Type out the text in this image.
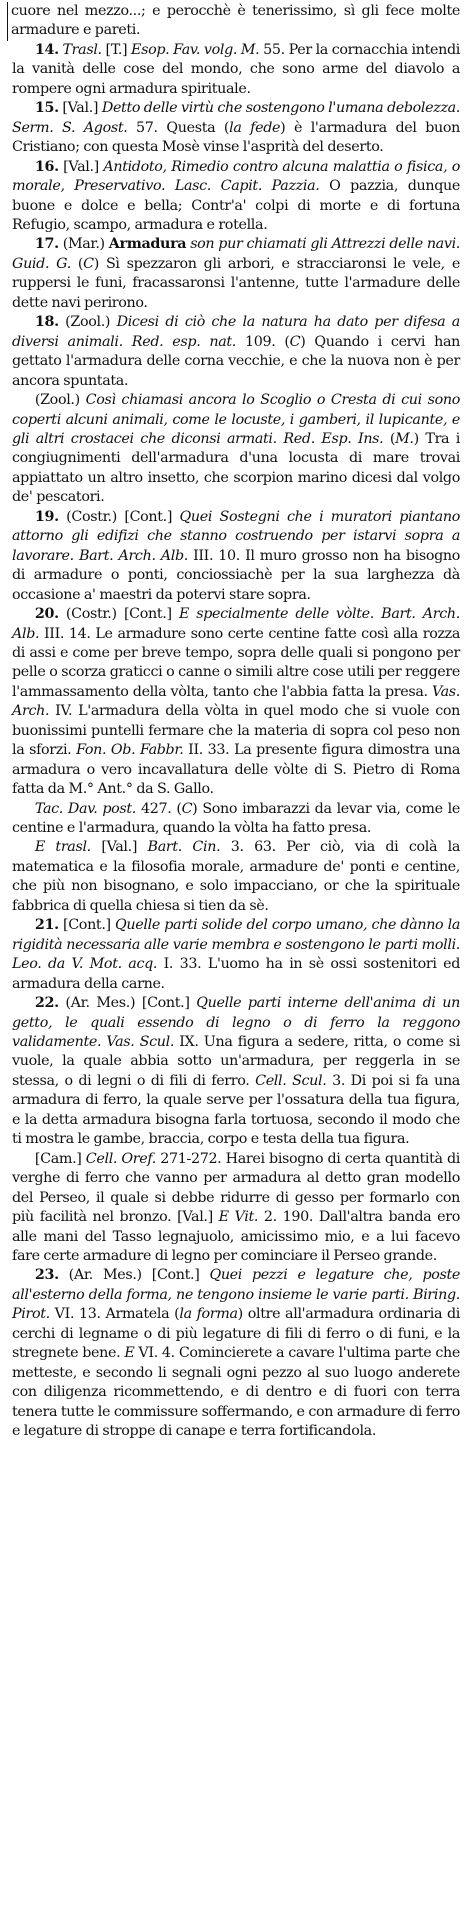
cuore nel mezzo...; e perocchè è tenerissimo, sì gli fece molte armadure e pareti.

14. Trasl. [T.] Esop. Fav. volg. M. 55. Per la cornacchia intendi la vanità delle cose del mondo, che sono arme del diavolo a rompere ogni armadura spirituale.

15. [Val.] Detto delle virtù che sostengono l'umana debolezza. Serm. S. Agost. 57. Questa (la fede) è l'armadura del buon Cristiano; con questa Mosè vinse l'asprità del deserto.

16. [Val.] Antidoto, Rimedio contro alcuna malattia o fisica, o morale, Preservativo. Lasc. Capit. Pazzia. O pazzia, dunque buone e dolce e bella; Contr'a' colpi di morte e di fortuna Refugio, scampo, armadura e rotella.

17. (Mar.) Armadura son pur chiamati gli Attrezzi delle navi. Guid. G. (C) Sì spezzaron gli arbori, e stracciaronsi le vele, e ruppersi le funi, fracassaronsi l'antenne, tutte l'armadure delle dette navi perirono.

18. (Zool.) Dicesi di ciò che la natura ha dato per difesa a diversi animali. Red. esp. nat. 109. (C) Quando i cervi han gettato l'armadura delle corna vecchie, e che la nuova non è per ancora spuntata.

(Zool.) Così chiamasi ancora lo Scoglio o Cresta di cui sono coperti alcuni animali, come le locuste, i gamberi, il lupicante, e gli altri crostacei che diconsi armati. Red. Esp. Ins. (M.) Tra i congiugnimenti dell'armadura d'una locusta di mare trovai appiattato un altro insetto, che scorpion marino dicesi dal volgo de' pescatori.

19. (Costr.) [Cont.] Quei Sostegni che i muratori piantano attorno gli edifizi che stanno costruendo per istarvi sopra a lavorare. Bart. Arch. Alb. III. 10. Il muro grosso non ha bisogno di armadure o ponti, conciossiachè per la sua larghezza dà occasione a' maestri da potervi stare sopra.

20. (Costr.) [Cont.] E specialmente delle vòlte. Bart. Arch. Alb. III. 14. Le armadure sono certe centine fatte così alla rozza di assi e come per breve tempo, sopra delle quali si pongono per pelle o scorza graticci o canne o simili altre cose utili per reggere l'ammassamento della vòlta, tanto che l'abbia fatta la presa. Vas. Arch. IV. L'armadura della vòlta in quel modo che si vuole con buonissimi puntelli fermare che la materia di sopra col peso non la sforzi. Fon. Ob. Fabbr. II. 33. La presente figura dimostra una armadura o vero incavallatura delle vòlte di S. Pietro di Roma fatta da M.° Ant.° da S. Gallo.

Tac. Dav. post. 427. (C) Sono imbarazzi da levar via, come le centine e l'armadura, quando la vòlta ha fatto presa.

E trasl. [Val.] Bart. Cin. 3. 63. Per ciò, via di colà la matematica e la filosofia morale, armadure de' ponti e centine, che più non bisognano, e solo impacciano, or che la spirituale fabbrica di quella chiesa si tien da sè.

21. [Cont.] Quelle parti solide del corpo umano, che dànno la rigidità necessaria alle varie membra e sostengono le parti molli. Leo. da V. Mot. acq. I. 33. L'uomo ha in sè ossi sostenitori ed armadura della carne.

22. (Ar. Mes.) [Cont.] Quelle parti interne dell'anima di un getto, le quali essendo di legno o di ferro la reggono validamente. Vas. Scul. IX. Una figura a sedere, ritta, o come si vuole, la quale abbia sotto un'armadura, per reggerla in se stessa, o di legni o di fili di ferro. Cell. Scul. 3. Di poi si fa una armadura di ferro, la quale serve per l'ossatura della tua figura, e la detta armadura bisogna farla tortuosa, secondo il modo che ti mostra le gambe, braccia, corpo e testa della tua figura.

[Cam.] Cell. Oref. 271-272. Harei bisogno di certa quantità di verghe di ferro che vanno per armadura al detto gran modello del Perseo, il quale si debbe ridurre di gesso per formarlo con più facilità nel bronzo. [Val.] E Vit. 2. 190. Dall'altra banda ero alle mani del Tasso legnajuolo, amicissimo mio, e a lui facevo fare certe armadure di legno per cominciare il Perseo grande.

23. (Ar. Mes.) [Cont.] Quei pezzi e legature che, poste all'esterno della forma, ne tengono insieme le varie parti. Biring. Pirot. VI. 13. Armatela (la forma) oltre all'armadura ordinaria di cerchi di legname o di più legature di fili di ferro o di funi, e la stregnete bene. E VI. 4. Comincierete a cavare l'ultima parte che metteste, e secondo li segnali ogni pezzo al suo luogo anderete con diligenza ricommettendo, e di dentro e di fuori con terra tenera tutte le commissure soffermando, e con armadure di ferro e legature di stroppe di canape e terra fortificandola.
